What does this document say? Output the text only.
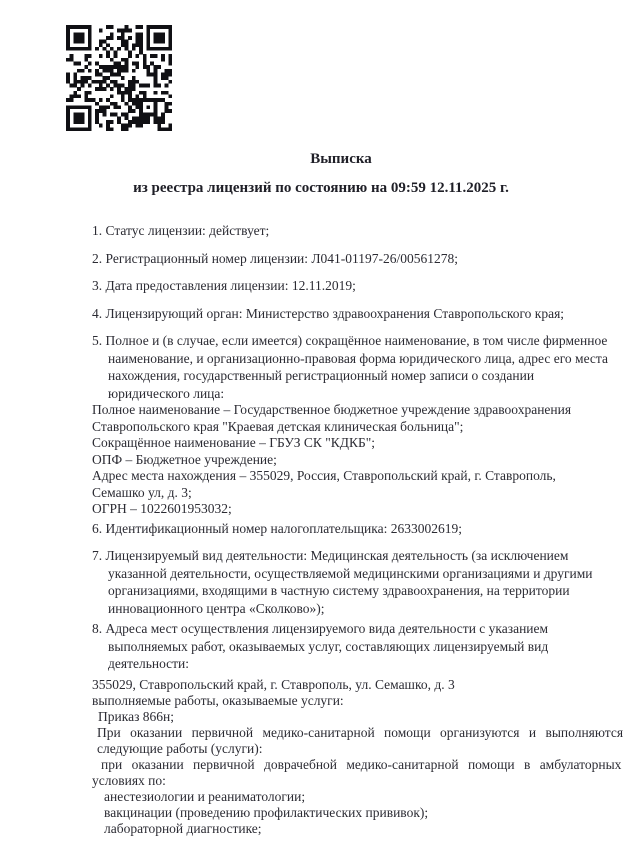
Выписка
из реестра лицензий по состоянию на 09:59 12.11.2025 г.

1. Статус лицензии: действует;

2. Регистрационный номер лицензии: Л041-01197-26/00561278;

3. Дата предоставления лицензии: 12.11.2019;

4. Лицензирующий орган: Министерство здравоохранения Ставропольского края;

5. Полное и (в случае, если имеется) сокращённое наименование, в том числе фирменное
наименование, и организационно-правовая форма юридического лица, адрес его места
нахождения, государственный регистрационный номер записи о создании
юридического лица:
Полное наименование – Государственное бюджетное учреждение здравоохранения
Ставропольского края "Краевая детская клиническая больница";
Сокращённое наименование – ГБУЗ СК "КДКБ";
ОПФ – Бюджетное учреждение;
Адрес места нахождения – 355029, Россия, Ставропольский край, г. Ставрополь,
Семашко ул, д. 3;
ОГРН – 1022601953032;

6. Идентификационный номер налогоплательщика: 2633002619;

7. Лицензируемый вид деятельности: Медицинская деятельность (за исключением
указанной деятельности, осуществляемой медицинскими организациями и другими
организациями, входящими в частную систему здравоохранения, на территории
инновационного центра «Сколково»);
8. Адреса мест осуществления лицензируемого вида деятельности с указанием
выполняемых работ, оказываемых услуг, составляющих лицензируемый вид
деятельности:
355029, Ставропольский край, г. Ставрополь, ул. Семашко, д. 3
выполняемые работы, оказываемые услуги:
Приказ 866н;
При оказании первичной медико-санитарной помощи организуются и выполняются
следующие работы (услуги):
при оказании первичной доврачебной медико-санитарной помощи в амбулаторных
условиях по:
анестезиологии и реаниматологии;
вакцинации (проведению профилактических прививок);
лабораторной диагностике;
